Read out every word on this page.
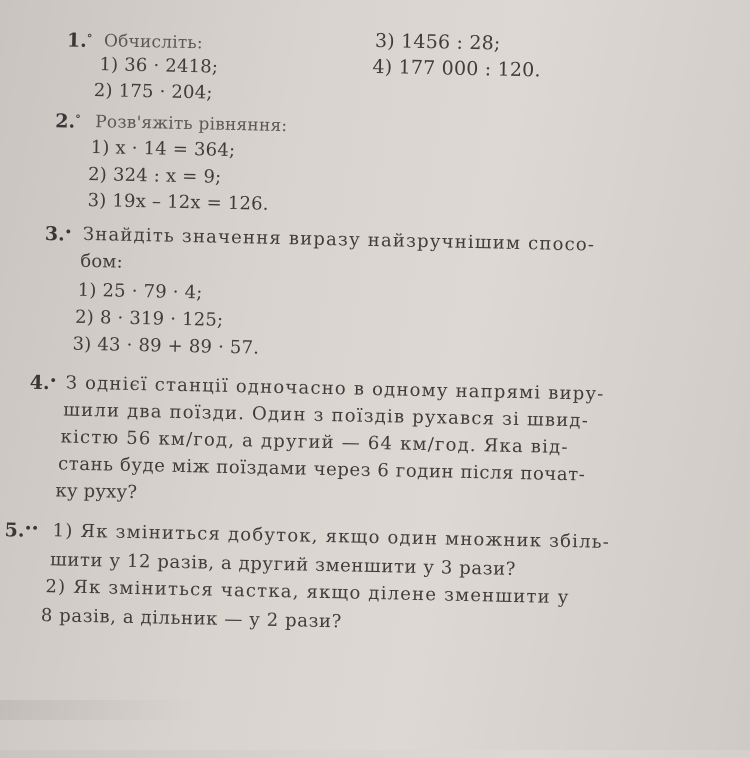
1.° Обчисліть:
1) 36 · 2418;
2) 175 · 204;
3) 1456 : 28;
4) 177 000 : 120.
2.° Розв'яжіть рівняння:
1) x · 14 = 364;
2) 324 : x = 9;
3) 19x – 12x = 126.
3.• Знайдіть значення виразу найзручнішим спосо-
бом:
1) 25 · 79 · 4;
2) 8 · 319 · 125;
3) 43 · 89 + 89 · 57.
4.• З однієї станції одночасно в одному напрямі виру-
шили два поїзди. Один з поїздів рухався зі швид-
кістю 56 км/год, а другий — 64 км/год. Яка від-
стань буде між поїздами через 6 годин після почат-
ку руху?
5.•• 1) Як зміниться добуток, якщо один множник збіль-
шити у 12 разів, а другий зменшити у 3 рази?
2) Як зміниться частка, якщо ділене зменшити у
8 разів, а дільник — у 2 рази?
